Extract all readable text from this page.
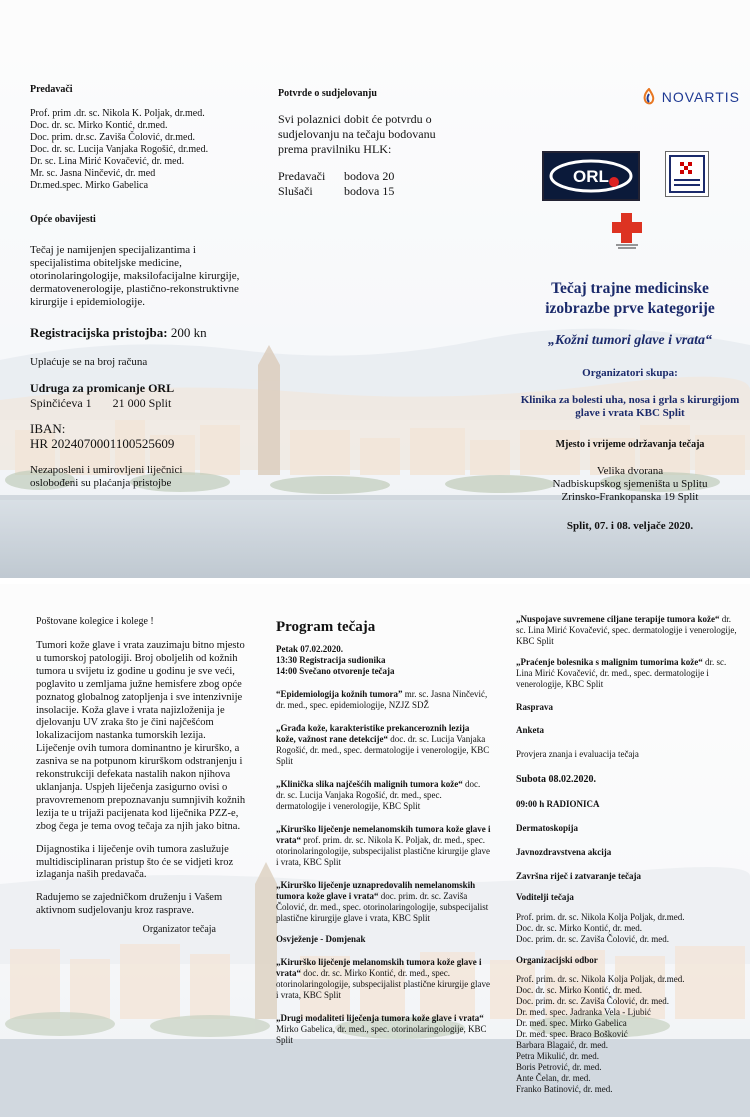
Predavači
Prof. prim .dr. sc. Nikola K. Poljak, dr.med.
Doc. dr. sc. Mirko Kontić, dr.med.
Doc. prim. dr.sc. Zaviša Čolović, dr.med.
Doc. dr. sc. Lucija Vanjaka Rogošić, dr.med.
Dr. sc. Lina Mirić Kovačević, dr. med.
Mr. sc. Jasna Ninčević, dr. med
Dr.med.spec. Mirko Gabelica
Opće obavijesti

Tečaj je namijenjen specijalizantima i specijalistima obiteljske medicine, otorinolaringologije, maksilofacijalne kirurgije, dermatovenerologije, plastično-rekonstruktivne kirurgije i epidemiologije.

Registracijska pristojba: 200 kn

Uplaćuje se na broj računa

Udruga za promicanje ORL
Spinčićeva 1 21 000 Split
IBAN:
HR 2024070001100525609

Nezaposleni i umirovljeni liječnici oslobođeni su plaćanja pristojbe

Potvrde o sudjelovanju

Svi polaznici dobit će potvrdu o sudjelovanju na tečaju bodovanu prema pravilniku HLK:

Predavači	bodova 20
Slušači	bodova 15
NOVARTIS
ORL
Tečaj trajne medicinske
izobrazbe prve kategorije
„Kožni tumori glave i vrata“
Organizatori skupa:
Klinika za bolesti uha, nosa i grla s kirurgijom glave i vrata KBC Split
Mjesto i vrijeme održavanja tečaja
Velika dvorana
Nadbiskupskog sjemeništa u Splitu
Zrinsko-Frankopanska 19 Split
Split, 07. i 08. veljače 2020.

Poštovane kolegice i kolege !

Tumori kože glave i vrata zauzimaju bitno mjesto u tumorskoj patologiji. Broj oboljelih od kožnih tumora u svijetu iz godine u godinu je sve veći, poglavito u zemljama južne hemisfere zbog opće poznatog globalnog zatopljenja i sve intenzivnije insolacije. Koža glave i vrata najizloženija je djelovanju UV zraka što je čini najčešćom lokalizacijom nastanka tumorskih lezija. Liječenje ovih tumora dominantno je kirurško, a zasniva se na potpunom kirurškom odstranjenju i rekonstrukciji defekata nastalih nakon njihova uklanjanja. Uspjeh liječenja zasigurno ovisi o pravovremenom prepoznavanju sumnjivih kožnih lezija te u trijaži pacijenata kod liječnika PZZ-e, zbog čega je tema ovog tečaja za njih jako bitna.

Dijagnostika i liječenje ovih tumora zaslužuje multidisciplinaran pristup što će se vidjeti kroz izlaganja naših predavača.

Radujemo se zajedničkom druženju i Vašem aktivnom sudjelovanju kroz rasprave.

Organizator tečaja

Program tečaja
Petak 07.02.2020.
13:30 Registracija sudionika
14:00 Svečano otvorenje tečaja

“Epidemiologija kožnih tumora” mr. sc. Jasna Ninčević, dr. med., spec. epidemiologije, NZJZ SDŽ

„Građa kože, karakteristike prekanceroznih lezija kože, važnost rane detekcije“ doc. dr. sc. Lucija Vanjaka Rogošić, dr. med., spec. dermatologije i venerologije, KBC Split

„Klinička slika najčešćih malignih tumora kože“ doc. dr. sc. Lucija Vanjaka Rogošić, dr. med., spec. dermatologije i venerologije, KBC Split

„Kirurško liječenje nemelanomskih tumora kože glave i vrata“ prof. prim. dr. sc. Nikola K. Poljak, dr. med., spec. otorinolaringologije, subspecijalist plastične kirurgije glave i vrata, KBC Split

„Kirurško liječenje uznapredovalih nemelanomskih tumora kože glave i vrata“ doc. prim. dr. sc. Zaviša Čolović, dr. med., spec. otorinolaringologije, subspecijalist plastične kirurgije glave i vrata, KBC Split

Osvježenje - Domjenak

„Kirurško liječenje melanomskih tumora kože glave i vrata“ doc. dr. sc. Mirko Kontić, dr. med., spec. otorinolaringologije, subspecijalist plastične kirurgije glave i vrata, KBC Split

„Drugi modaliteti liječenja tumora kože glave i vrata“ Mirko Gabelica, dr. med., spec. otorinolaringologije, KBC Split

„Nuspojave suvremene ciljane terapije tumora kože“ dr. sc. Lina Mirić Kovačević, spec. dermatologije i venerologije, KBC Split

„Praćenje bolesnika s malignim tumorima kože“ dr. sc. Lina Mirić Kovačević, dr. med., spec. dermatologije i venerologije, KBC Split

Rasprava
Anketa
Provjera znanja i evaluacija tečaja
Subota 08.02.2020.
09:00 h RADIONICA
Dermatoskopija
Javnozdravstvena akcija
Završna riječ i zatvaranje tečaja
Voditelji tečaja
Prof. prim. dr. sc. Nikola Kolja Poljak, dr.med.
Doc. dr. sc. Mirko Kontić, dr. med.
Doc. prim. dr. sc. Zaviša Čolović, dr. med.
Organizacijski odbor
Prof. prim. dr. sc. Nikola Kolja Poljak, dr.med.
Doc. dr. sc. Mirko Kontić, dr. med.
Doc. prim. dr. sc. Zaviša Čolović, dr. med.
Dr. med. spec. Jadranka Vela - Ljubić
Dr. med. spec. Mirko Gabelica
Dr. med. spec. Braco Bošković
Barbara Blagaić, dr. med.
Petra Mikulić, dr. med.
Boris Petrović, dr. med.
Ante Čelan, dr. med.
Franko Batinović, dr. med.
